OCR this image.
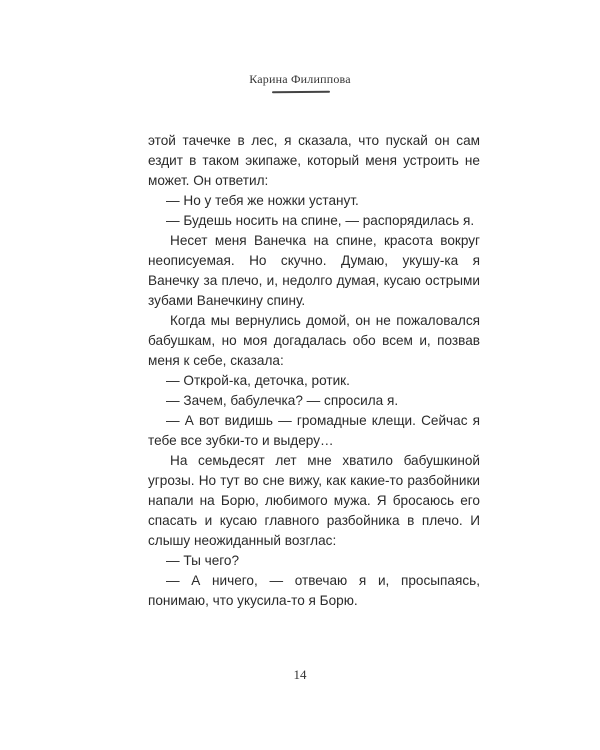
Карина Филиппова

этой тачечке в лес, я сказала, что пускай он сам ездит в таком экипаже, который меня устроить не может. Он ответил:

— Но у тебя же ножки устанут.

— Будешь носить на спине, — распорядилась я.

Несет меня Ванечка на спине, красота вокруг неописуемая. Но скучно. Думаю, укушу-ка я Ванечку за плечо, и, недолго думая, кусаю острыми зубами Ванечкину спину.

Когда мы вернулись домой, он не пожаловался бабушкам, но моя догадалась обо всем и, позвав меня к себе, сказала:

— Открой-ка, деточка, ротик.

— Зачем, бабулечка? — спросила я.

— А вот видишь — громадные клещи. Сейчас я тебе все зубки-то и выдеру…

На семьдесят лет мне хватило бабушкиной угрозы. Но тут во сне вижу, как какие-то разбойники напали на Борю, любимого мужа. Я бросаюсь его спасать и кусаю главного разбойника в плечо. И слышу неожиданный возглас:

— Ты чего?

— А ничего, — отвечаю я и, просыпаясь, понимаю, что укусила-то я Борю.

14
